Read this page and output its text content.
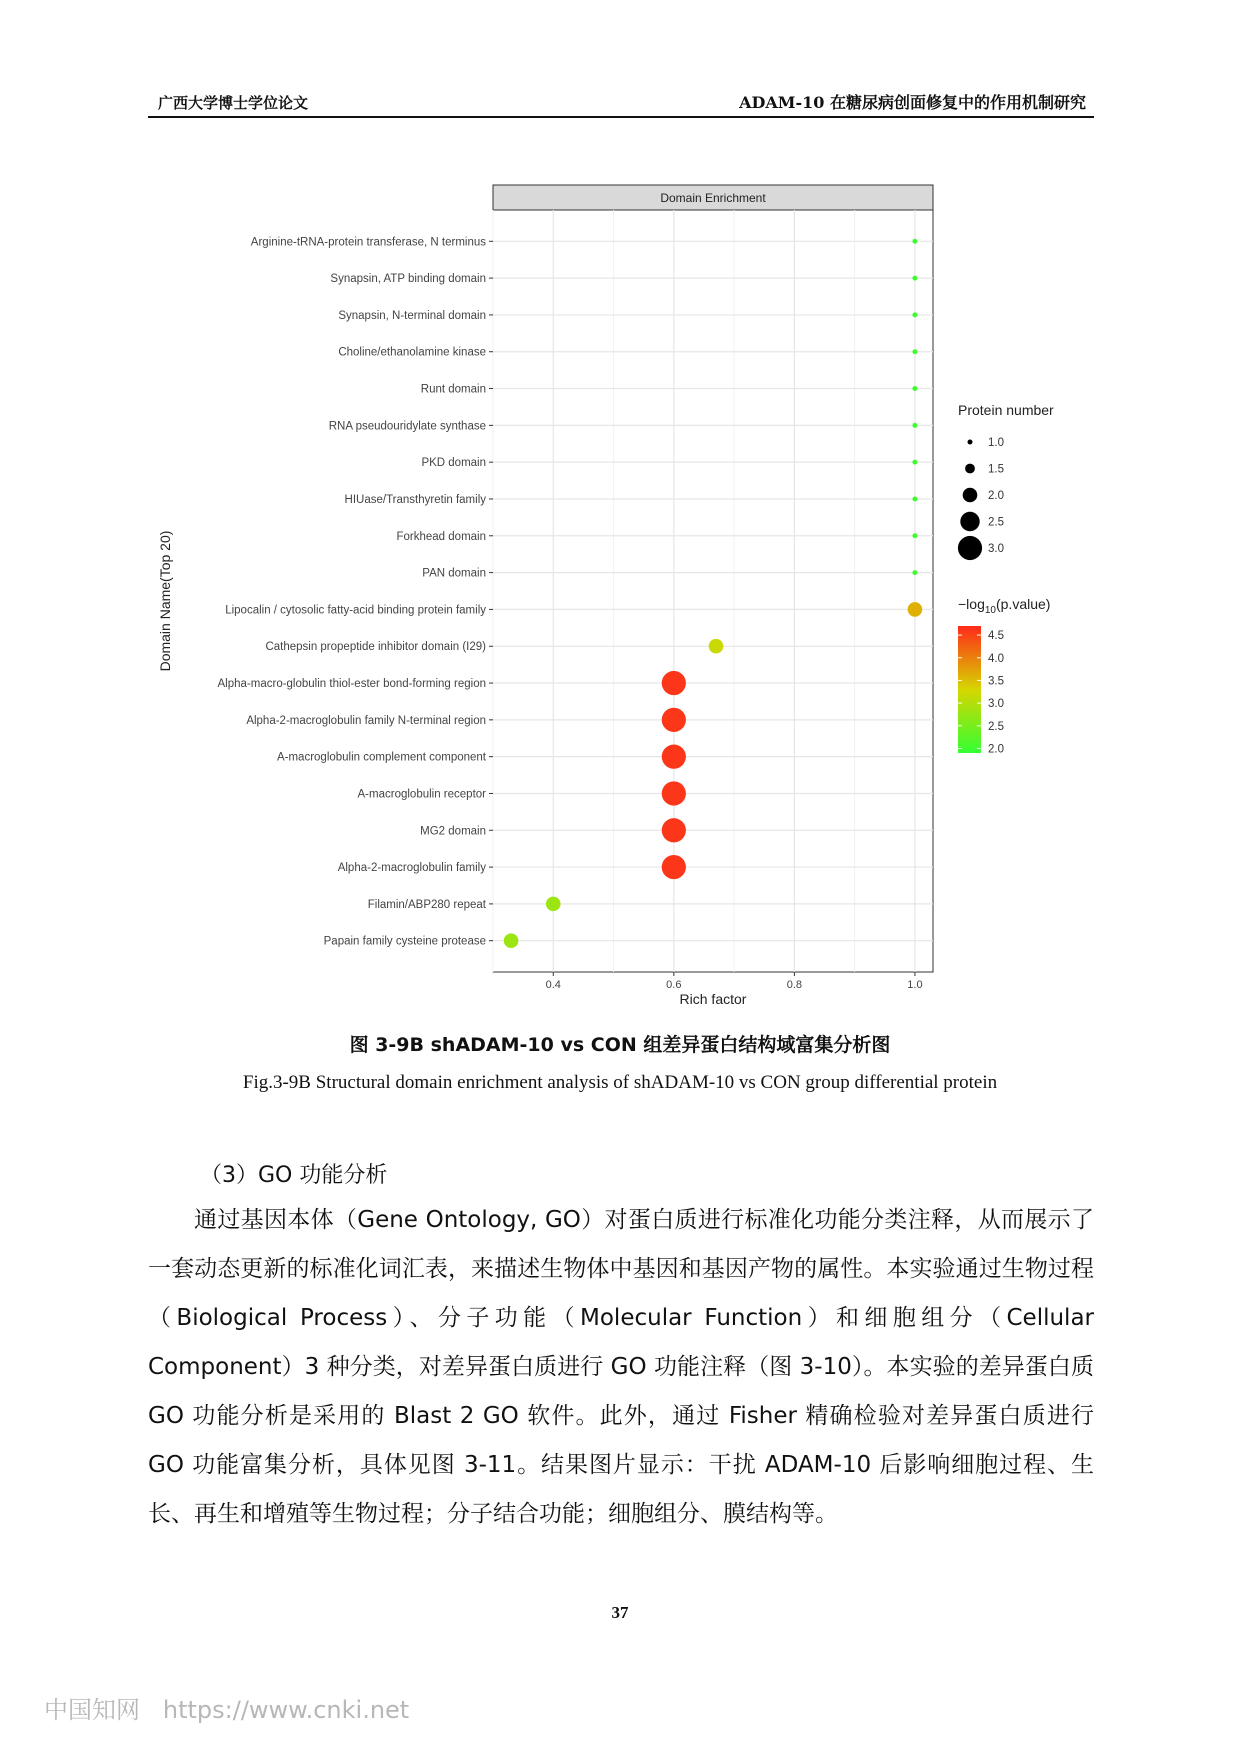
广西大学博士学位论文	ADAM-10 在糖尿病创面修复中的作用机制研究
Domain Enrichment
0.4	0.6	0.8	1.0
Arginine-tRNA-protein transferase, N terminus
Synapsin, ATP binding domain
Synapsin, N-terminal domain
Choline/ethanolamine kinase
Runt domain
RNA pseudouridylate synthase
PKD domain
HIUase/Transthyretin family
Forkhead domain
PAN domain
Lipocalin / cytosolic fatty-acid binding protein family
Cathepsin propeptide inhibitor domain (I29)
Alpha-macro-globulin thiol-ester bond-forming region
Alpha-2-macroglobulin family N-terminal region
A-macroglobulin complement component
A-macroglobulin receptor
MG2 domain
Alpha-2-macroglobulin family
Filamin/ABP280 repeat
Papain family cysteine protease
Rich factor
Domain Name(Top 20)
Protein number
1.0
1.5
2.0
2.5
3.0
$-\log_{10}(p.value)$
4.5
4.0
3.5
3.0
2.5
2.0
图 3-9B shADAM-10 vs CON 组差异蛋白结构域富集分析图
Fig.3-9B Structural domain enrichment analysis of shADAM-10 vs CON group differential protein
（3）GO 功能分析
通过基因本体（Gene Ontology, GO）对蛋白质进行标准化功能分类注释，从而展示了一套动态更新的标准化词汇表，来描述生物体中基因和基因产物的属性。本实验通过生物过程（Biological Process）、分子功能（Molecular Function）和细胞组分（Cellular Component）3 种分类，对差异蛋白质进行 GO 功能注释（图 3-10）。本实验的差异蛋白质 GO 功能分析是采用的 Blast 2 GO 软件。此外，通过 Fisher 精确检验对差异蛋白质进行 GO 功能富集分析，具体见图 3-11。结果图片显示：干扰 ADAM-10 后影响细胞过程、生长、再生和增殖等生物过程；分子结合功能；细胞组分、膜结构等。
37
中国知网   https://www.cnki.net
